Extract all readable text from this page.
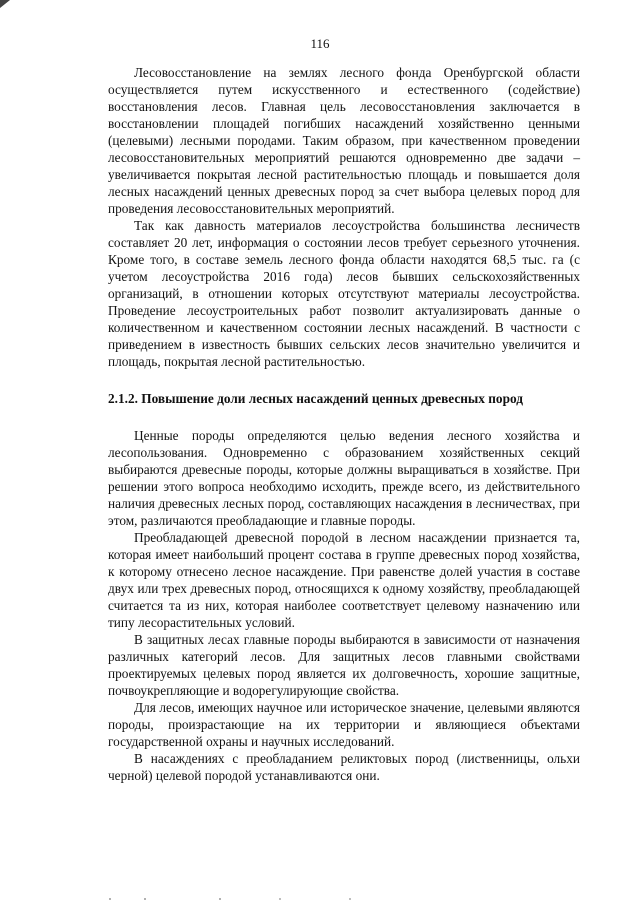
116

Лесовосстановление на землях лесного фонда Оренбургской области осуществляется путем искусственного и естественного (содействие) восстановления лесов. Главная цель лесовосстановления заключается в восстановлении площадей погибших насаждений хозяйственно ценными (целевыми) лесными породами. Таким образом, при качественном проведении лесовосстановительных мероприятий решаются одновременно две задачи – увеличивается покрытая лесной растительностью площадь и повышается доля лесных насаждений ценных древесных пород за счет выбора целевых пород для проведения лесовосстановительных мероприятий.

Так как давность материалов лесоустройства большинства лесничеств составляет 20 лет, информация о состоянии лесов требует серьезного уточнения. Кроме того, в составе земель лесного фонда области находятся 68,5 тыс. га (с учетом лесоустройства 2016 года) лесов бывших сельскохозяйственных организаций, в отношении которых отсутствуют материалы лесоустройства. Проведение лесоустроительных работ позволит актуализировать данные о количественном и качественном состоянии лесных насаждений. В частности с приведением в известность бывших сельских лесов значительно увеличится и площадь, покрытая лесной растительностью.

2.1.2. Повышение доли лесных насаждений ценных древесных пород

Ценные породы определяются целью ведения лесного хозяйства и лесопользования. Одновременно с образованием хозяйственных секций выбираются древесные породы, которые должны выращиваться в хозяйстве. При решении этого вопроса необходимо исходить, прежде всего, из действительного наличия древесных лесных пород, составляющих насаждения в лесничествах, при этом, различаются преобладающие и главные породы.

Преобладающей древесной породой в лесном насаждении признается та, которая имеет наибольший процент состава в группе древесных пород хозяйства, к которому отнесено лесное насаждение. При равенстве долей участия в составе двух или трех древесных пород, относящихся к одному хозяйству, преобладающей считается та из них, которая наиболее соответствует целевому назначению или типу лесорастительных условий.

В защитных лесах главные породы выбираются в зависимости от назначения различных категорий лесов. Для защитных лесов главными свойствами проектируемых целевых пород является их долговечность, хорошие защитные, почвоукрепляющие и водорегулирующие свойства.

Для лесов, имеющих научное или историческое значение, целевыми являются породы, произрастающие на их территории и являющиеся объектами государственной охраны и научных исследований.

В насаждениях с преобладанием реликтовых пород (лиственницы, ольхи черной) целевой породой устанавливаются они.
